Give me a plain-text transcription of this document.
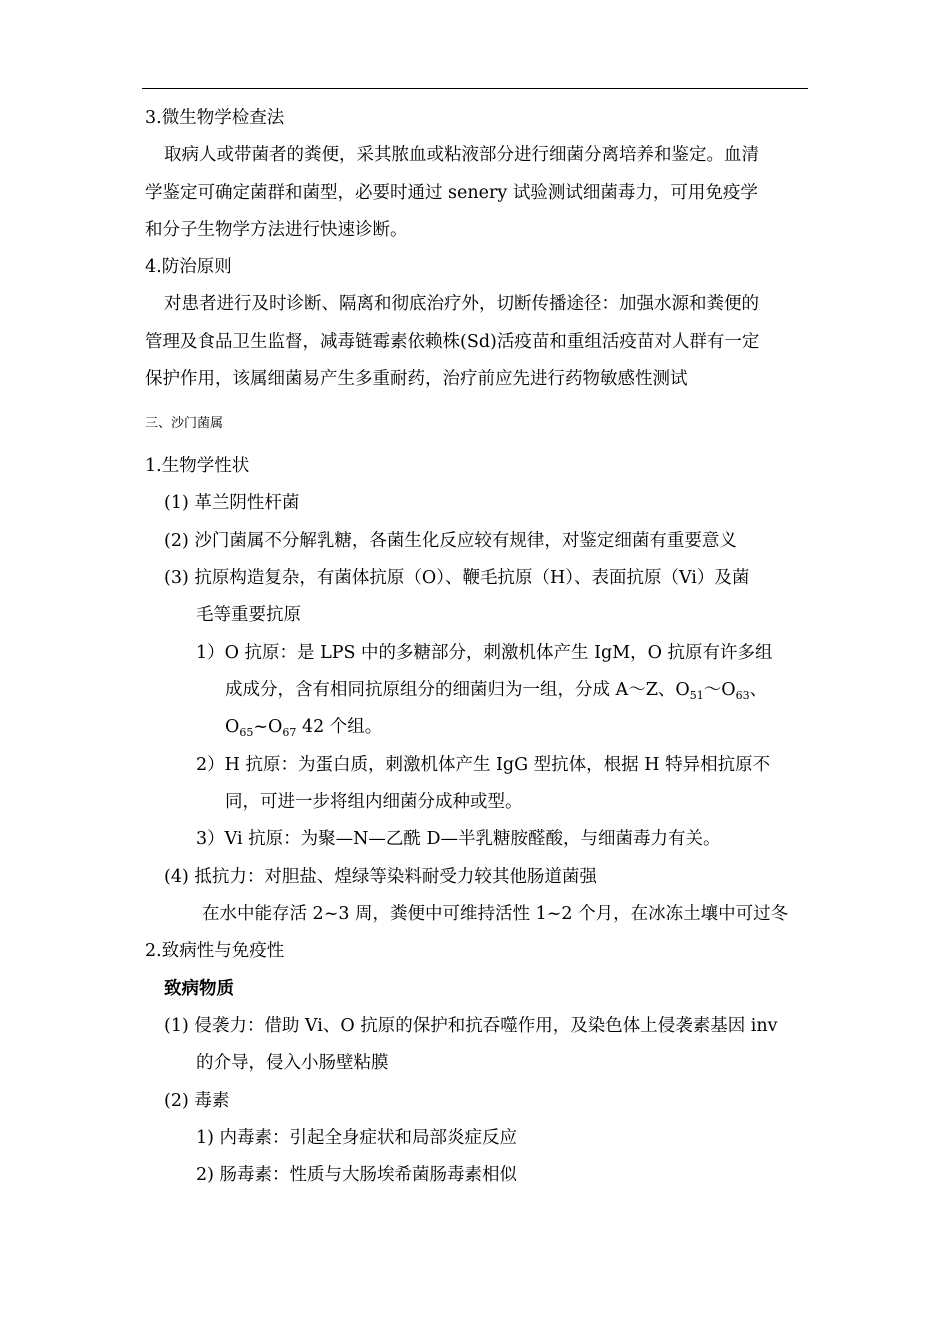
3.微生物学检查法
取病人或带菌者的粪便，采其脓血或粘液部分进行细菌分离培养和鉴定。血清
学鉴定可确定菌群和菌型，必要时通过 senery 试验测试细菌毒力，可用免疫学
和分子生物学方法进行快速诊断。
4.防治原则
对患者进行及时诊断、隔离和彻底治疗外，切断传播途径：加强水源和粪便的
管理及食品卫生监督，减毒链霉素依赖株(Sd)活疫苗和重组活疫苗对人群有一定
保护作用，该属细菌易产生多重耐药，治疗前应先进行药物敏感性测试
三、沙门菌属
1.生物学性状
(1) 革兰阴性杆菌
(2) 沙门菌属不分解乳糖，各菌生化反应较有规律，对鉴定细菌有重要意义
(3) 抗原构造复杂，有菌体抗原（O）、鞭毛抗原（H）、表面抗原（Vi）及菌
毛等重要抗原
1）O 抗原：是 LPS 中的多糖部分，刺激机体产生 IgM，O 抗原有许多组
成成分，含有相同抗原组分的细菌归为一组，分成 A～Z、$O_{51}\sim O_{63}$、
$O_{65}\sim O_{67}$ 42 个组。
2）H 抗原：为蛋白质，刺激机体产生 IgG 型抗体，根据 H 特异相抗原不
同，可进一步将组内细菌分成种或型。
3）Vi 抗原：为聚—N—乙酰 D—半乳糖胺醛酸，与细菌毒力有关。
(4) 抵抗力：对胆盐、煌绿等染料耐受力较其他肠道菌强
在水中能存活 2~3 周，粪便中可维持活性 1~2 个月，在冰冻土壤中可过冬
2.致病性与免疫性
致病物质
(1) 侵袭力：借助 Vi、O 抗原的保护和抗吞噬作用，及染色体上侵袭素基因 inv
的介导，侵入小肠壁粘膜
(2) 毒素
1) 内毒素：引起全身症状和局部炎症反应
2) 肠毒素：性质与大肠埃希菌肠毒素相似
